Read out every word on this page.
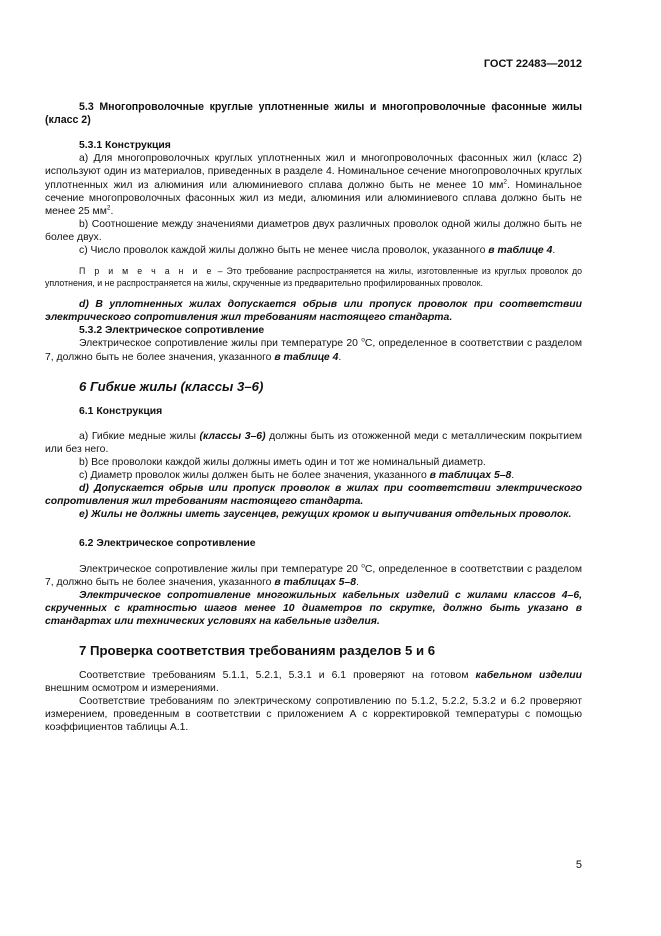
ГОСТ 22483—2012

5.3 Многопроволочные круглые уплотненные жилы и многопроволочные фасонные жилы (класс 2)

5.3.1 Конструкция

а) Для многопроволочных круглых уплотненных жил и многопроволочных фасонных жил (класс 2) используют один из материалов, приведенных в разделе 4. Номинальное сечение многопроволочных круглых уплотненных жил из алюминия или алюминиевого сплава должно быть не менее 10 $мм^2$. Номинальное сечение многопроволочных фасонных жил из меди, алюминия или алюминиевого сплава должно быть не менее 25 $мм^2$.

b) Соотношение между значениями диаметров двух различных проволок одной жилы должно быть не более двух.

с) Число проволок каждой жилы должно быть не менее числа проволок, указанного в таблице 4.

П р и м е ч а н и е – Это требование распространяется на жилы, изготовленные из круглых проволок до уплотнения, и не распространяется на жилы, скрученные из предварительно профилированных проволок.

d) В уплотненных жилах допускается обрыв или пропуск проволок при соответствии электрического сопротивления жил требованиям настоящего стандарта.

5.3.2 Электрическое сопротивление

Электрическое сопротивление жилы при температуре 20 $^о$С, определенное в соответствии с разделом 7, должно быть не более значения, указанного в таблице 4.

6 Гибкие жилы (классы 3–6)

6.1 Конструкция

а) Гибкие медные жилы (классы 3–6) должны быть из отожженной меди с металлическим покрытием или без него.

b) Все проволоки каждой жилы должны иметь один и тот же номинальный диаметр.

с) Диаметр проволок жилы должен быть не более значения, указанного в таблицах 5–8.

d) Допускается обрыв или пропуск проволок в жилах при соответствии электрического сопротивления жил требованиям настоящего стандарта.

е) Жилы не должны иметь заусенцев, режущих кромок и выпучивания отдельных проволок.

6.2 Электрическое сопротивление

Электрическое сопротивление жилы при температуре 20 $^о$С, определенное в соответствии с разделом 7, должно быть не более значения, указанного в таблицах 5–8.

Электрическое сопротивление многожильных кабельных изделий с жилами классов 4–6, скрученных с кратностью шагов менее 10 диаметров по скрутке, должно быть указано в стандартах или технических условиях на кабельные изделия.

7 Проверка соответствия требованиям разделов 5 и 6

Соответствие требованиям 5.1.1, 5.2.1, 5.3.1 и 6.1 проверяют на готовом кабельном изделии внешним осмотром и измерениями.

Соответствие требованиям по электрическому сопротивлению по 5.1.2, 5.2.2, 5.3.2 и 6.2 проверяют измерением, проведенным в соответствии с приложением А с корректировкой температуры с помощью коэффициентов таблицы А.1.

5
